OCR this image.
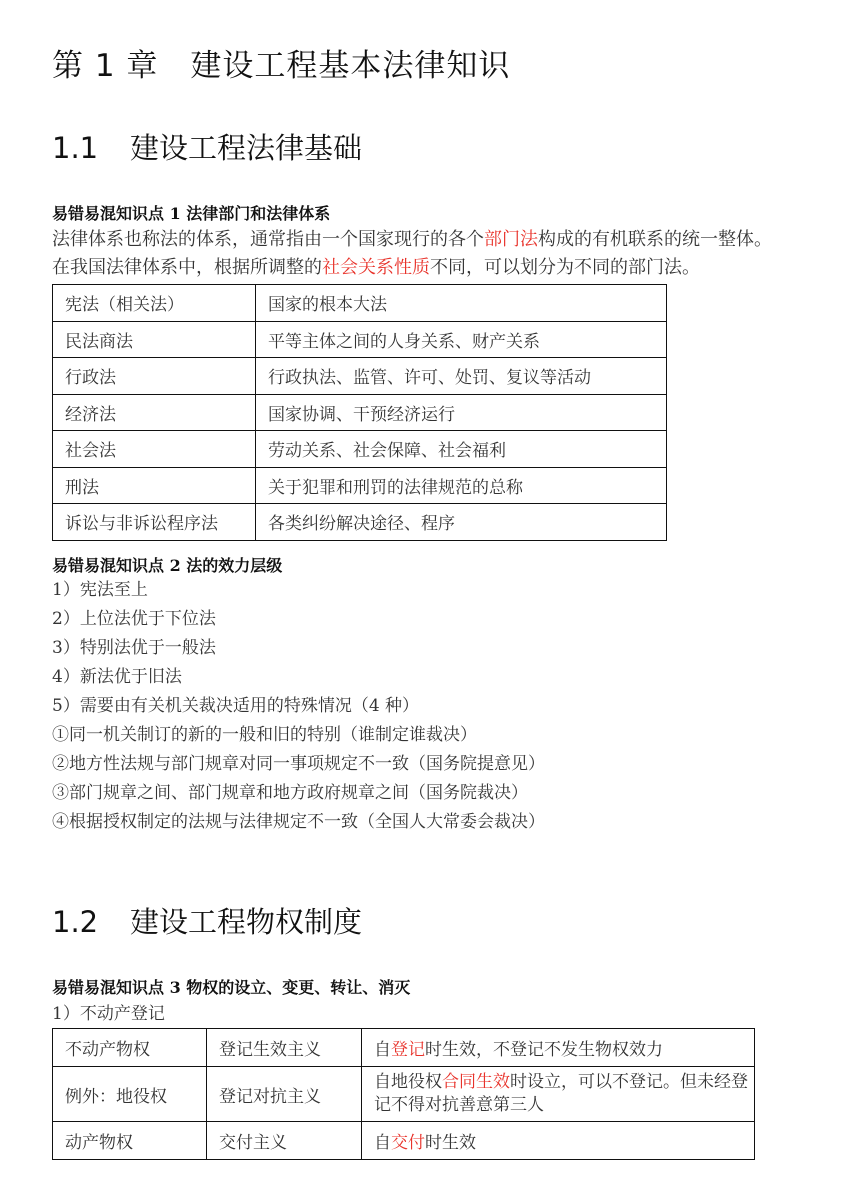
第 1 章　建设工程基本法律知识
1.1 建设工程法律基础
易错易混知识点 1 法律部门和法律体系
法律体系也称法的体系，通常指由一个国家现行的各个部门法构成的有机联系的统一整体。
在我国法律体系中，根据所调整的社会关系性质不同，可以划分为不同的部门法。
宪法（相关法）	国家的根本大法
民法商法	平等主体之间的人身关系、财产关系
行政法	行政执法、监管、许可、处罚、复议等活动
经济法	国家协调、干预经济运行
社会法	劳动关系、社会保障、社会福利
刑法	关于犯罪和刑罚的法律规范的总称
诉讼与非诉讼程序法	各类纠纷解决途径、程序
易错易混知识点 2 法的效力层级
1）宪法至上
2）上位法优于下位法
3）特别法优于一般法
4）新法优于旧法
5）需要由有关机关裁决适用的特殊情况（4 种）
①同一机关制订的新的一般和旧的特别（谁制定谁裁决）
②地方性法规与部门规章对同一事项规定不一致（国务院提意见）
③部门规章之间、部门规章和地方政府规章之间（国务院裁决）
④根据授权制定的法规与法律规定不一致（全国人大常委会裁决）
1.2 建设工程物权制度
易错易混知识点 3 物权的设立、变更、转让、消灭
1）不动产登记
不动产物权	登记生效主义	自登记时生效，不登记不发生物权效力
例外：地役权	登记对抗主义	自地役权合同生效时设立，可以不登记。但未经登记不得对抗善意第三人
动产物权	交付主义	自交付时生效
